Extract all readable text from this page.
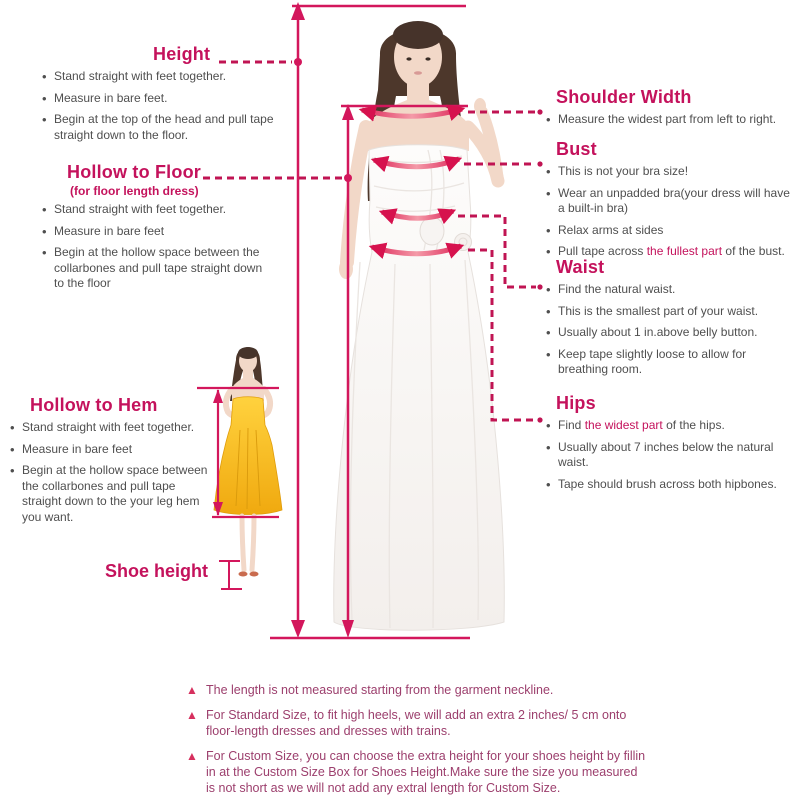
Height
• Stand straight with feet together.
• Measure in bare feet.
• Begin at the top of the head and pull tape straight down to the floor.
Hollow to Floor
(for floor length dress)
• Stand straight with feet together.
• Measure in bare feet
• Begin at the hollow space between the collarbones and pull tape straight down to the floor
Hollow to Hem
• Stand straight with feet together.
• Measure in bare feet
• Begin at the hollow space between the collarbones and pull tape straight down to the your leg hem you want.
Shoe height
Shoulder Width
• Measure the widest part from left to right.
Bust
• This is not your bra size!
• Wear an unpadded bra(your dress will have a built-in bra)
• Relax arms at sides
• Pull tape across the fullest part of the bust.
Waist
• Find the natural waist.
• This is the smallest part of your waist.
• Usually about 1 in.above belly button.
• Keep tape slightly loose to allow for breathing room.
Hips
• Find the widest part of the hips.
• Usually about 7 inches below the natural waist.
• Tape should brush across both hipbones.
▲ The length is not measured starting from the garment neckline.
▲ For Standard Size, to fit high heels, we will add an extra 2 inches/ 5 cm onto floor-length dresses and dresses with trains.
▲ For Custom Size, you can choose the extra height for your shoes height by fillin in at the Custom Size Box for Shoes Height.Make sure the size you measured is not short as we will not add any extral length for Custom Size.
